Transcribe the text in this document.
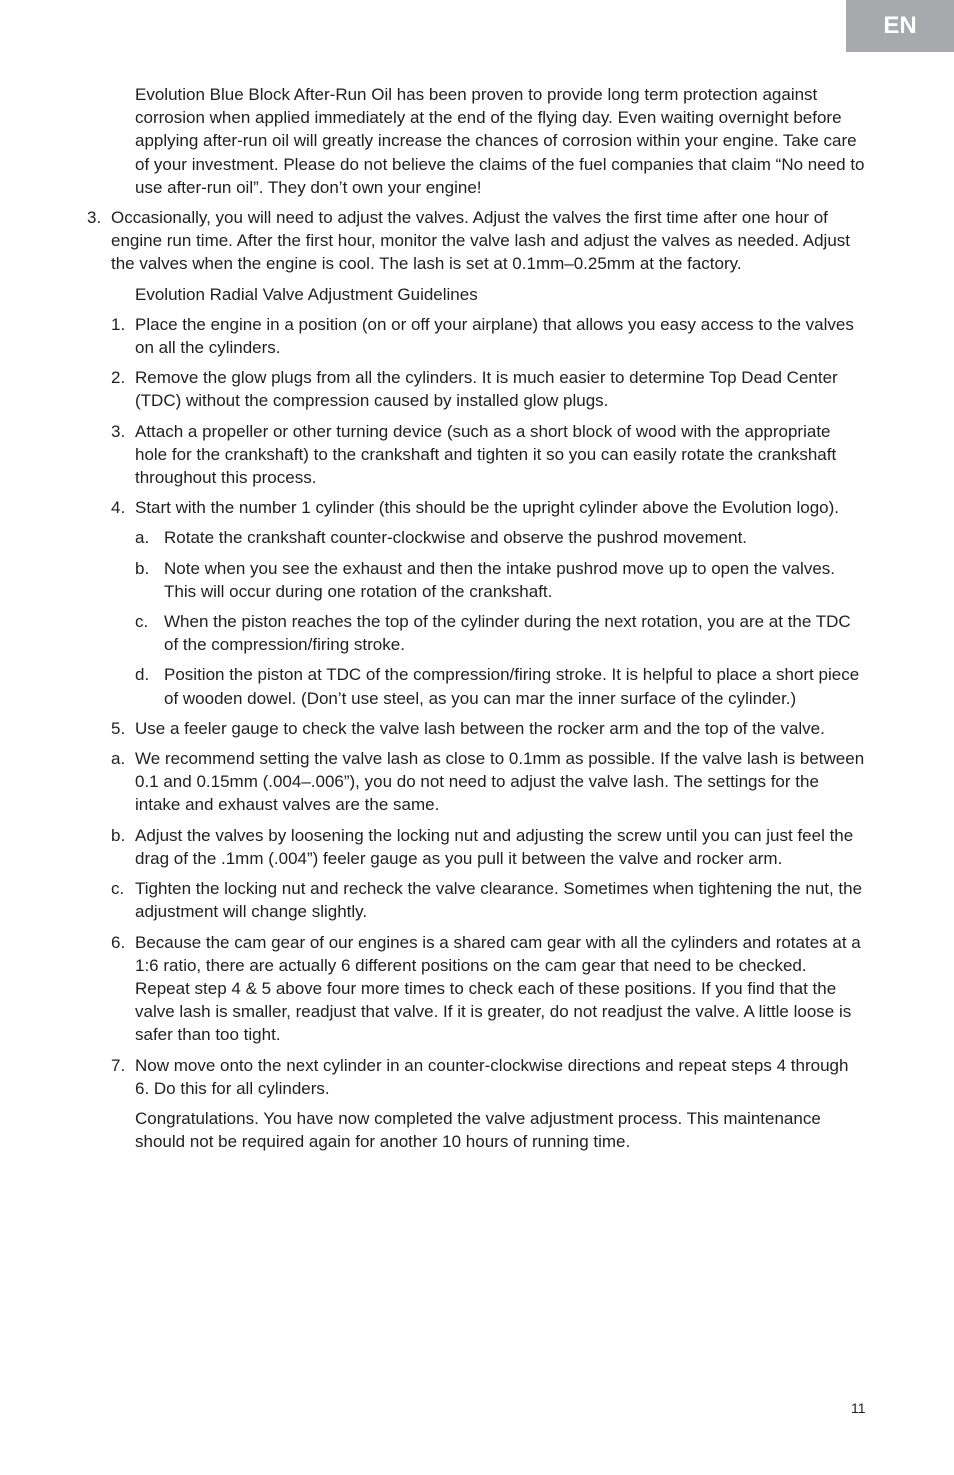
EN
Evolution Blue Block After-Run Oil has been proven to provide long term protection against corrosion when applied immediately at the end of the flying day. Even waiting overnight before applying after-run oil will greatly increase the chances of corrosion within your engine. Take care of your investment. Please do not believe the claims of the fuel companies that claim “No need to use after-run oil”. They don’t own your engine!
3. Occasionally, you will need to adjust the valves. Adjust the valves the first time after one hour of engine run time. After the first hour, monitor the valve lash and adjust the valves as needed. Adjust the valves when the engine is cool. The lash is set at 0.1mm–0.25mm at the factory.
Evolution Radial Valve Adjustment Guidelines
1. Place the engine in a position (on or off your airplane) that allows you easy access to the valves on all the cylinders.
2. Remove the glow plugs from all the cylinders. It is much easier to determine Top Dead Center (TDC) without the compression caused by installed glow plugs.
3. Attach a propeller or other turning device (such as a short block of wood with the appropriate hole for the crankshaft) to the crankshaft and tighten it so you can easily rotate the crankshaft throughout this process.
4. Start with the number 1 cylinder (this should be the upright cylinder above the Evolution logo).
a. Rotate the crankshaft counter-clockwise and observe the pushrod movement.
b. Note when you see the exhaust and then the intake pushrod move up to open the valves. This will occur during one rotation of the crankshaft.
c. When the piston reaches the top of the cylinder during the next rotation, you are at the TDC of the compression/firing stroke.
d. Position the piston at TDC of the compression/firing stroke. It is helpful to place a short piece of wooden dowel. (Don’t use steel, as you can mar the inner surface of the cylinder.)
5. Use a feeler gauge to check the valve lash between the rocker arm and the top of the valve.
a. We recommend setting the valve lash as close to 0.1mm as possible. If the valve lash is between 0.1 and 0.15mm (.004–.006”), you do not need to adjust the valve lash. The settings for the intake and exhaust valves are the same.
b. Adjust the valves by loosening the locking nut and adjusting the screw until you can just feel the drag of the .1mm (.004”) feeler gauge as you pull it between the valve and rocker arm.
c. Tighten the locking nut and recheck the valve clearance. Sometimes when tightening the nut, the adjustment will change slightly.
6. Because the cam gear of our engines is a shared cam gear with all the cylinders and rotates at a 1:6 ratio, there are actually 6 different positions on the cam gear that need to be checked. Repeat step 4 & 5 above four more times to check each of these positions. If you find that the valve lash is smaller, readjust that valve. If it is greater, do not readjust the valve. A little loose is safer than too tight.
7. Now move onto the next cylinder in an counter-clockwise directions and repeat steps 4 through 6. Do this for all cylinders.
Congratulations. You have now completed the valve adjustment process. This maintenance should not be required again for another 10 hours of running time.
11
